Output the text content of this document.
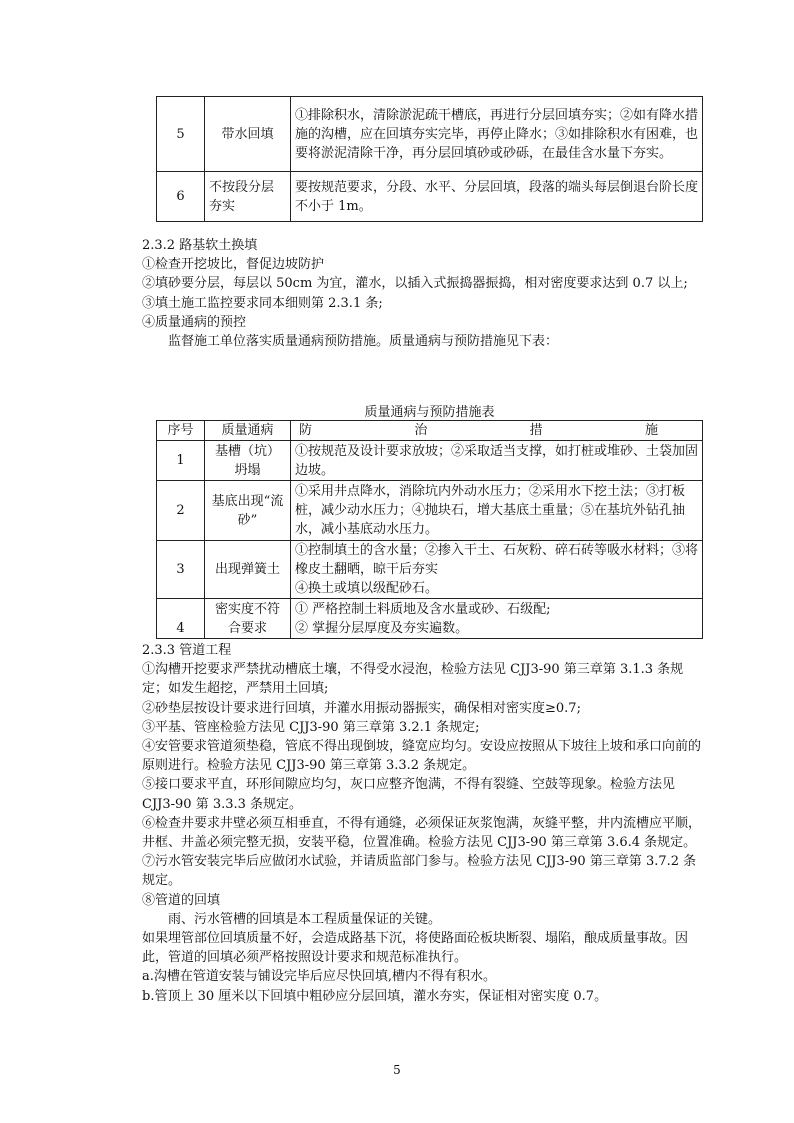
5	带水回填	①排除积水，清除淤泥疏干槽底，再进行分层回填夯实；②如有降水措施的沟槽，应在回填夯实完毕，再停止降水；③如排除积水有困难，也要将淤泥清除干净，再分层回填砂或砂砾，在最佳含水量下夯实。
6	不按段分层夯实	要按规范要求，分段、水平、分层回填，段落的端头每层倒退台阶长度不小于 1m。

2.3.2 路基软土换填

①检查开挖坡比，督促边坡防护

②填砂要分层，每层以 50cm 为宜，灌水，以插入式振捣器振捣，相对密度要求达到 0.7 以上;

③填土施工监控要求同本细则第 2.3.1 条;

④质量通病的预控

监督施工单位落实质量通病预防措施。质量通病与预防措施见下表：

质量通病与预防措施表
序号	质量通病	防 治 措 施

1	基槽（坑）坍塌	①按规范及设计要求放坡；②采取适当支撑，如打桩或堆砂、土袋加固边坡。
2	基底出现“流砂”	①采用井点降水，消除坑内外动水压力；②采用水下挖土法；③打板桩，减少动水压力；④抛块石，增大基底土重量；⑤在基坑外钻孔抽水，减小基底动水压力。
3	出现弹簧土	①控制填土的含水量；②掺入干土、石灰粉、碎石砖等吸水材料；③将橡皮土翻晒，晾干后夯实
④换土或填以级配砂石。

4	密实度不符合要求	① 严格控制土料质地及含水量或砂、石级配;
② 掌握分层厚度及夯实遍数。

2.3.3 管道工程

①沟槽开挖要求严禁扰动槽底土壤，不得受水浸泡，检验方法见 CJJ3-90 第三章第 3.1.3 条规定；如发生超挖，严禁用土回填;

②砂垫层按设计要求进行回填，并灌水用振动器振实，确保相对密实度≥0.7;

③平基、管座检验方法见 CJJ3-90 第三章第 3.2.1 条规定;

④安管要求管道须垫稳，管底不得出现倒坡，缝宽应均匀。安设应按照从下坡往上坡和承口向前的原则进行。检验方法见 CJJ3-90 第三章第 3.3.2 条规定。

⑤接口要求平直，环形间隙应均匀，灰口应整齐饱满，不得有裂缝、空鼓等现象。检验方法见 CJJ3-90 第 3.3.3 条规定。

⑥检查井要求井壁必须互相垂直，不得有通缝，必须保证灰浆饱满，灰缝平整，井内流槽应平顺，井框、井盖必须完整无损，安装平稳，位置准确。检验方法见 CJJ3-90 第三章第 3.6.4 条规定。

⑦污水管安装完毕后应做闭水试验，并请质监部门参与。检验方法见 CJJ3-90 第三章第 3.7.2 条规定。

⑧管道的回填

雨、污水管槽的回填是本工程质量保证的关键。

如果埋管部位回填质量不好，会造成路基下沉，将使路面砼板块断裂、塌陷，酿成质量事故。因此，管道的回填必须严格按照设计要求和规范标准执行。

a.沟槽在管道安装与铺设完毕后应尽快回填,槽内不得有积水。

b.管顶上 30 厘米以下回填中粗砂应分层回填，灌水夯实，保证相对密实度 0.7。

5
